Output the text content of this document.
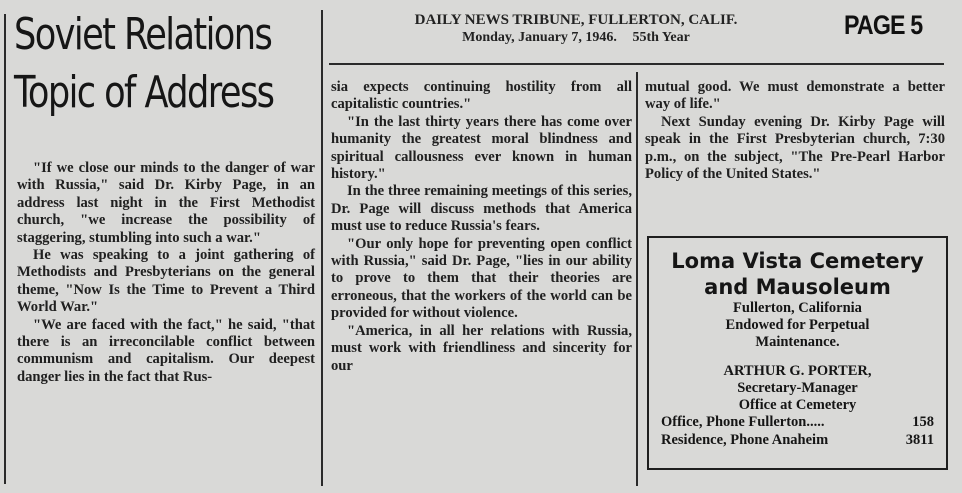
Soviet Relations
Topic of Address
DAILY NEWS TRIBUNE, FULLERTON, CALIF.
Monday, January 7, 1946. 55th Year	PAGE 5

"If we close our minds to the danger of war with Russia," said Dr. Kirby Page, in an address last night in the First Methodist church, "we increase the possibility of staggering, stumbling into such a war."

He was speaking to a joint gathering of Methodists and Presbyterians on the general theme, "Now Is the Time to Prevent a Third World War."

"We are faced with the fact," he said, "that there is an irreconcilable conflict between communism and capitalism. Our deepest danger lies in the fact that Rus-

sia expects continuing hostility from all capitalistic countries."

"In the last thirty years there has come over humanity the greatest moral blindness and spiritual callousness ever known in human history."

In the three remaining meetings of this series, Dr. Page will discuss methods that America must use to reduce Russia's fears.

"Our only hope for preventing open conflict with Russia," said Dr. Page, "lies in our ability to prove to them that their theories are erroneous, that the workers of the world can be provided for without violence.

"America, in all her relations with Russia, must work with friendliness and sincerity for our

mutual good. We must demonstrate a better way of life."

Next Sunday evening Dr. Kirby Page will speak in the First Presbyterian church, 7:30 p.m., on the subject, "The Pre-Pearl Harbor Policy of the United States."

Loma Vista Cemetery
and Mausoleum
Fullerton, California
Endowed for Perpetual
Maintenance.
ARTHUR G. PORTER,
Secretary-Manager
Office at Cemetery
Office, Phone Fullerton.....	158
Residence, Phone Anaheim	3811
